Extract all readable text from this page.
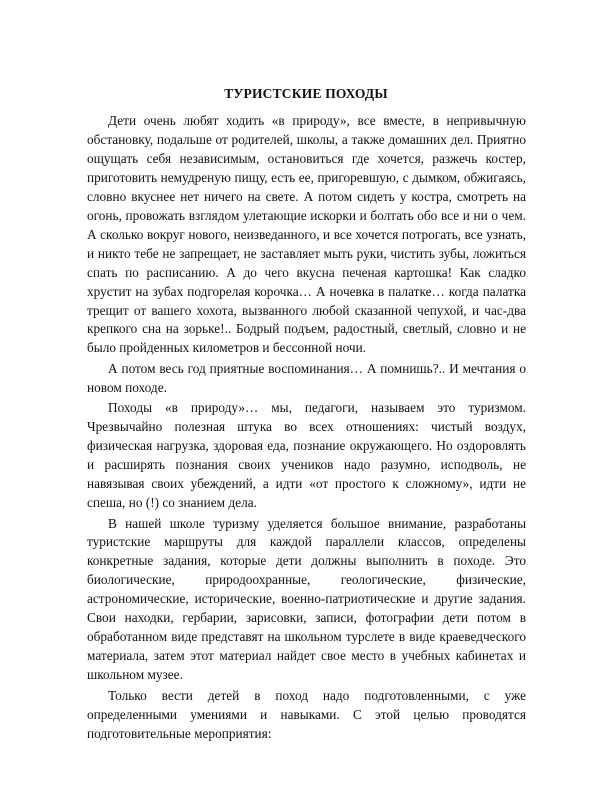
ТУРИСТСКИЕ ПОХОДЫ

Дети очень любят ходить «в природу», все вместе, в непривычную обстановку, подальше от родителей, школы, а также домашних дел. Приятно ощущать себя независимым, остановиться где хочется, разжечь костер, приготовить немудреную пищу, есть ее, пригоревшую, с дымком, обжигаясь, словно вкуснее нет ничего на свете. А потом сидеть у костра, смотреть на огонь, провожать взглядом улетающие искорки и болтать обо все и ни о чем. А сколько вокруг нового, неизведанного, и все хочется потрогать, все узнать, и никто тебе не запрещает, не заставляет мыть руки, чистить зубы, ложиться спать по расписанию. А до чего вкусна печеная картошка! Как сладко хрустит на зубах подгорелая корочка… А ночевка в палатке… когда палатка трещит от вашего хохота, вызванного любой сказанной чепухой, и час-два крепкого сна на зорьке!.. Бодрый подъем, радостный, светлый, словно и не было пройденных километров и бессонной ночи.

А потом весь год приятные воспоминания… А помнишь?.. И мечтания о новом походе.

Походы «в природу»… мы, педагоги, называем это туризмом. Чрезвычайно полезная штука во всех отношениях: чистый воздух, физическая нагрузка, здоровая еда, познание окружающего. Но оздоровлять и расширять познания своих учеников надо разумно, исподволь, не навязывая своих убеждений, а идти «от простого к сложному», идти не спеша, но (!) со знанием дела.

В нашей школе туризму уделяется большое внимание, разработаны туристские маршруты для каждой параллели классов, определены конкретные задания, которые дети должны выполнить в походе. Это биологические, природоохранные, геологические, физические, астрономические, исторические, военно-патриотические и другие задания. Свои находки, гербарии, зарисовки, записи, фотографии дети потом в обработанном виде представят на школьном турслете в виде краеведческого материала, затем этот материал найдет свое место в учебных кабинетах и школьном музее.

Только вести детей в поход надо подготовленными, с уже определенными умениями и навыками. С этой целью проводятся подготовительные мероприятия:
